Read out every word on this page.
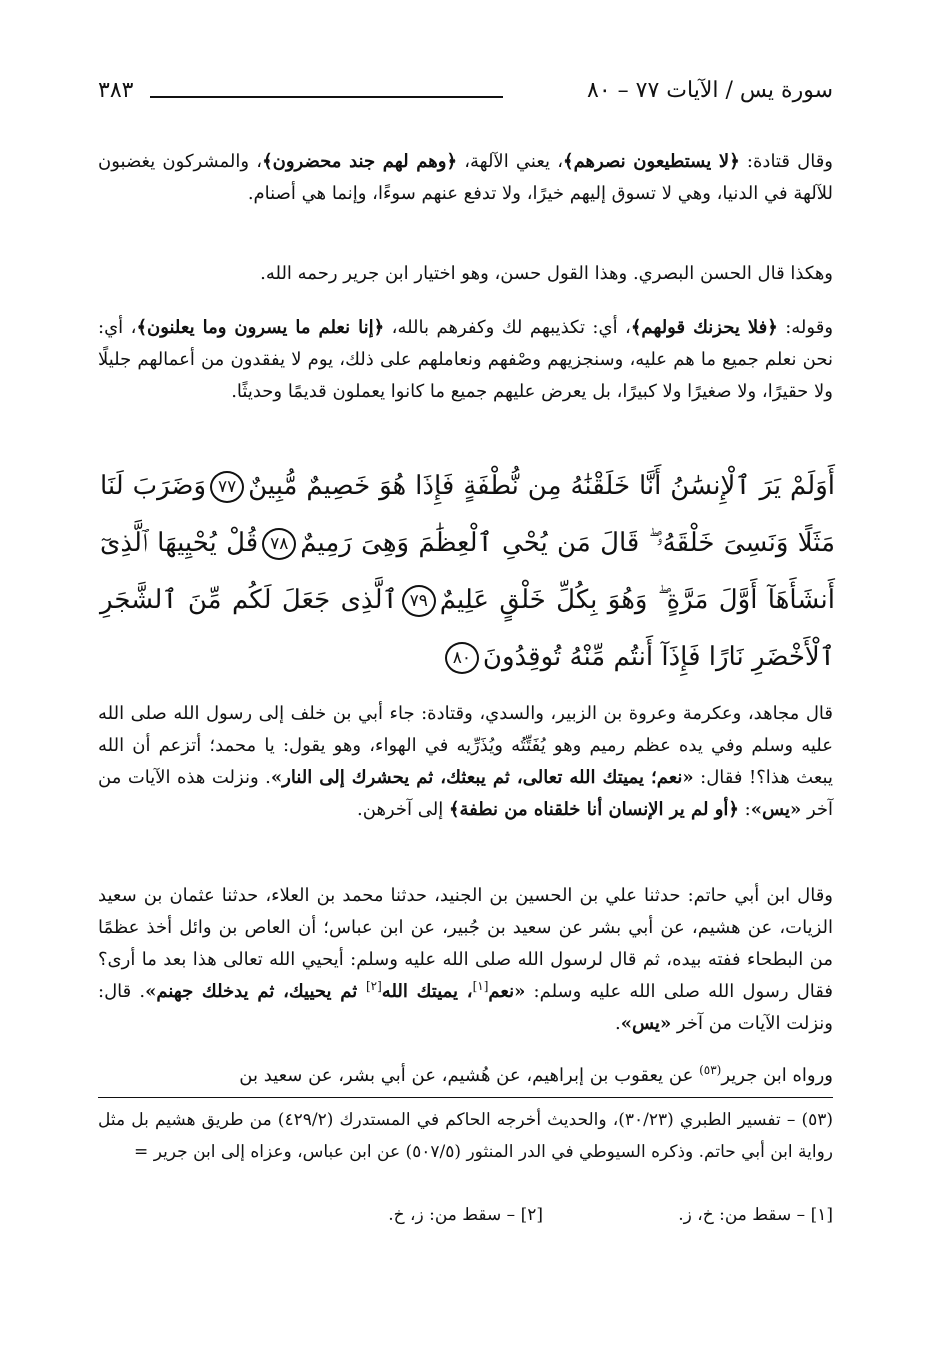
سورة يس / الآيات ٧٧ – ٨٠
٣٨٣

وقال قتادة: ﴿لا يستطيعون نصرهم﴾، يعني الآلهة، ﴿وهم لهم جند محضرون﴾، والمشركون يغضبون للآلهة في الدنيا، وهي لا تسوق إليهم خيرًا، ولا تدفع عنهم سوءًا، وإنما هي أصنام.

وهكذا قال الحسن البصري. وهذا القول حسن، وهو اختيار ابن جرير رحمه الله.

وقوله: ﴿فلا يحزنك قولهم﴾، أي: تكذيبهم لك وكفرهم بالله، ﴿إنا نعلم ما يسرون وما يعلنون﴾، أي: نحن نعلم جميع ما هم عليه، وسنجزيهم وصْفهم ونعاملهم على ذلك، يوم لا يفقدون من أعمالهم جليلًا ولا حقيرًا، ولا صغيرًا ولا كبيرًا، بل يعرض عليهم جميع ما كانوا يعملون قديمًا وحديثًا.

أَوَلَمْ يَرَ ٱلْإِنسَٰنُ أَنَّا خَلَقْنَٰهُ مِن نُّطْفَةٍ فَإِذَا هُوَ خَصِيمٌ مُّبِينٌ٧٧وَضَرَبَ لَنَا مَثَلًا وَنَسِىَ خَلْقَهُۥ ۖ قَالَ مَن يُحْىِ ٱلْعِظَٰمَ وَهِىَ رَمِيمٌ٧٨قُلْ يُحْيِيهَا ٱلَّذِىٓ أَنشَأَهَآ أَوَّلَ مَرَّةٍ ۖ وَهُوَ بِكُلِّ خَلْقٍ عَلِيمٌ٧٩ٱلَّذِى جَعَلَ لَكُم مِّنَ ٱلشَّجَرِ ٱلْأَخْضَرِ نَارًا فَإِذَآ أَنتُم مِّنْهُ تُوقِدُونَ٨٠

قال مجاهد، وعكرمة وعروة بن الزبير، والسدي، وقتادة: جاء أبي بن خلف إلى رسول الله صلى الله عليه وسلم وفي يده عظم رميم وهو يُفَتِّتُه ويُذَرِّيه في الهواء، وهو يقول: يا محمد؛ أتزعم أن الله يبعث هذا؟! فقال: «نعم؛ يميتك الله تعالى، ثم يبعثك، ثم يحشرك إلى النار». ونزلت هذه الآيات من آخر «يس»: ﴿أو لم ير الإنسان أنا خلقناه من نطفة﴾ إلى آخرهن.

وقال ابن أبي حاتم: حدثنا علي بن الحسين بن الجنيد، حدثنا محمد بن العلاء، حدثنا عثمان بن سعيد الزيات، عن هشيم، عن أبي بشر عن سعيد بن جُبير، عن ابن عباس؛ أن العاص بن وائل أخذ عظمًا من البطحاء ففته بيده، ثم قال لرسول الله صلى الله عليه وسلم: أيحيي الله تعالى هذا بعد ما أرى؟ فقال رسول الله صلى الله عليه وسلم: «نعم[١]، يميتك الله[٢] ثم يحييك، ثم يدخلك جهنم». قال: ونزلت الآيات من آخر «يس».

ورواه ابن جرير$^{(٥٣)}$ عن يعقوب بن إبراهيم، عن هُشيم، عن أبي بشر، عن سعيد بن

(٥٣) – تفسير الطبري (٣٠/٢٣)، والحديث أخرجه الحاكم في المستدرك (٤٢٩/٢) من طريق هشيم بل مثل رواية ابن أبي حاتم. وذكره السيوطي في الدر المنثور (٥٠٧/٥) عن ابن عباس، وعزاه إلى ابن جرير =

[١] – سقط من: خ، ز.
[٢] – سقط من: ز، خ.
